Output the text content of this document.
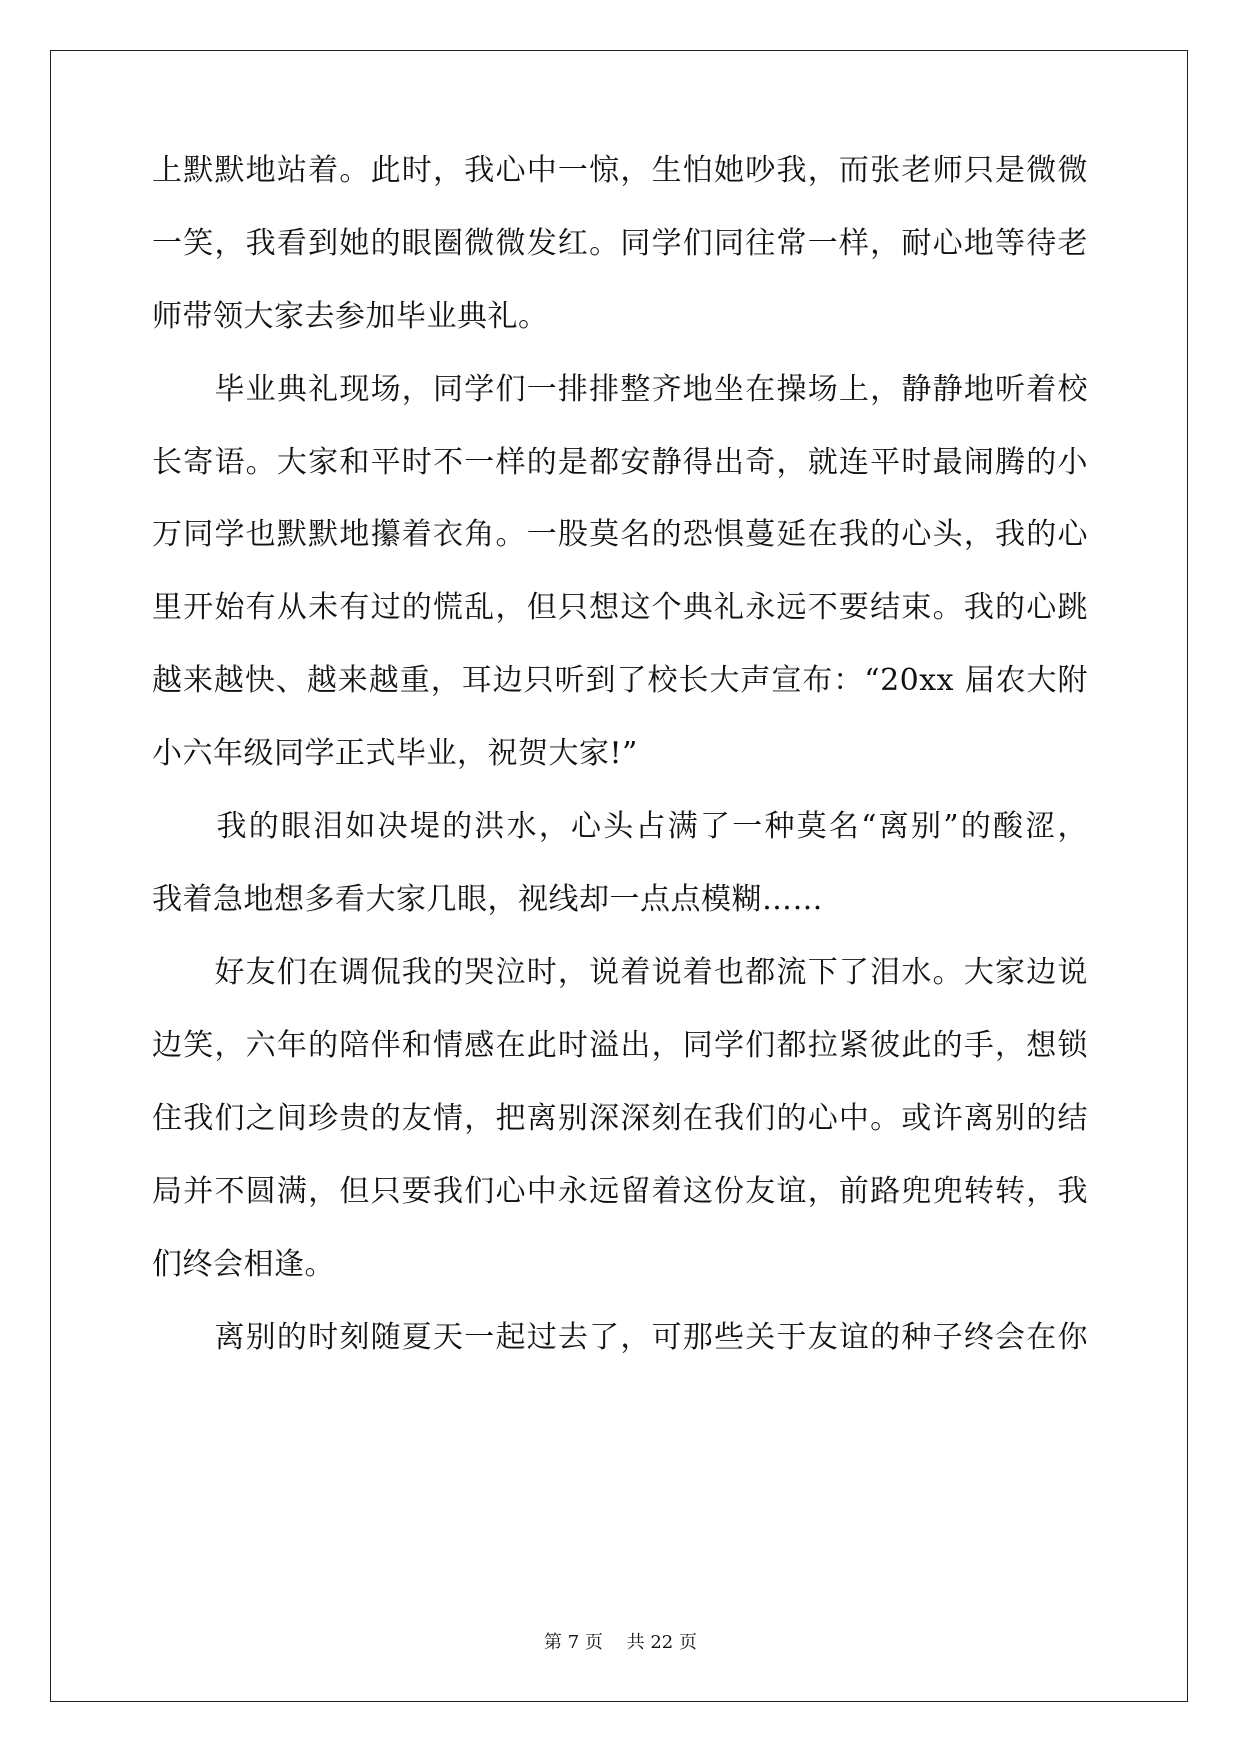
上默默地站着。此时，我心中一惊，生怕她吵我，而张老师只是微微
一笑，我看到她的眼圈微微发红。同学们同往常一样，耐心地等待老
师带领大家去参加毕业典礼。
　　毕业典礼现场，同学们一排排整齐地坐在操场上，静静地听着校
长寄语。大家和平时不一样的是都安静得出奇，就连平时最闹腾的小
万同学也默默地攥着衣角。一股莫名的恐惧蔓延在我的心头，我的心
里开始有从未有过的慌乱，但只想这个典礼永远不要结束。我的心跳
越来越快、越来越重，耳边只听到了校长大声宣布：“20xx 届农大附
小六年级同学正式毕业，祝贺大家!”
　　我的眼泪如决堤的洪水，心头占满了一种莫名“离别”的酸涩，
我着急地想多看大家几眼，视线却一点点模糊……
　　好友们在调侃我的哭泣时，说着说着也都流下了泪水。大家边说
边笑，六年的陪伴和情感在此时溢出，同学们都拉紧彼此的手，想锁
住我们之间珍贵的友情，把离别深深刻在我们的心中。或许离别的结
局并不圆满，但只要我们心中永远留着这份友谊，前路兜兜转转，我
们终会相逢。
　　离别的时刻随夏天一起过去了，可那些关于友谊的种子终会在你
第 7 页　 共 22 页
